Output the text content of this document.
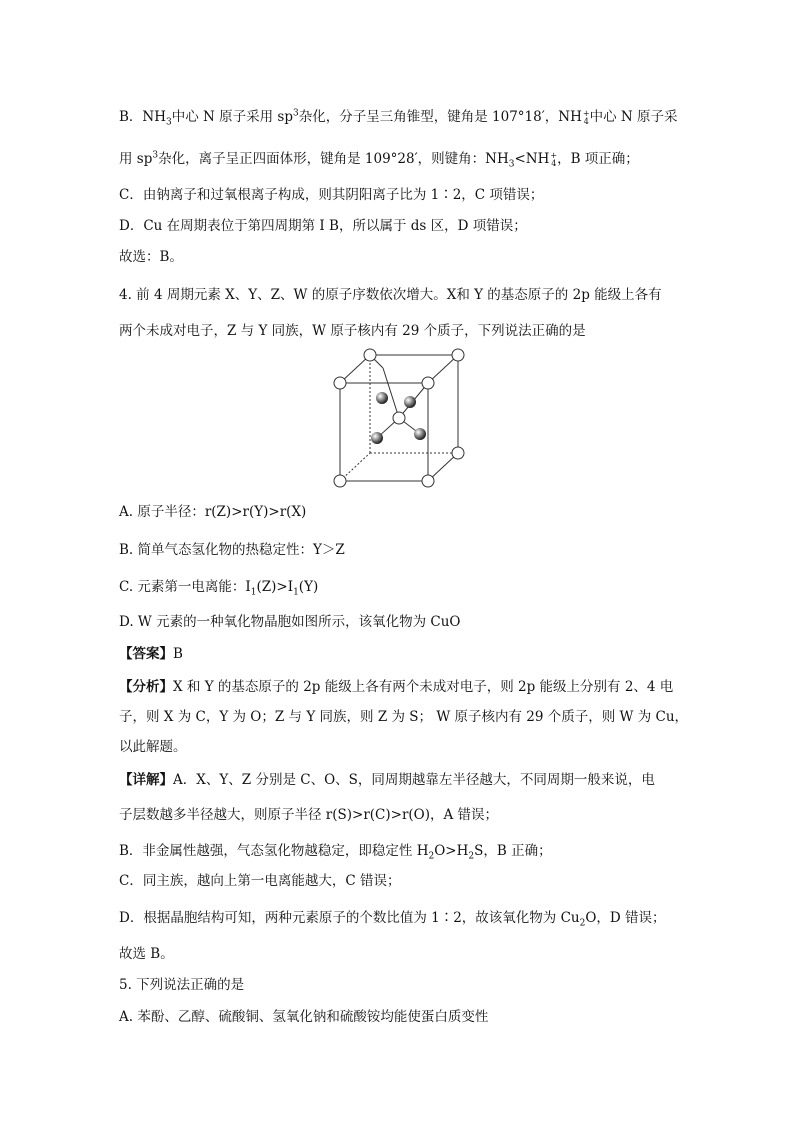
B．$NH_3$中心 N 原子采用 $sp^3$杂化，分子呈三角锥型，键角是 107°18′，NH +
4 中心 N 原子采
用 $sp^3$杂化，离子呈正四面体形，键角是 109°28′，则键角：$NH_3<NH$ +
4 ，B 项正确；
C．由钠离子和过氧根离子构成，则其阴阳离子比为 1∶2，C 项错误；
D．Cu 在周期表位于第四周期第 I B，所以属于 ds 区，D 项错误；
故选：B。
4. 前 4 周期元素 X、Y、Z、W 的原子序数依次增大。X和 Y 的基态原子的 2p 能级上各有
两个未成对电子，Z 与 Y 同族，W 原子核内有 29 个质子，下列说法正确的是
A. 原子半径：r(Z)>r(Y)>r(X)
B. 简单气态氢化物的热稳定性：Y＞Z
C. 元素第一电离能：$I_1(Z)>I_1(Y)$
D. W 元素的一种氧化物晶胞如图所示，该氧化物为 CuO
【答案】B
【分析】X 和 Y 的基态原子的 2p 能级上各有两个未成对电子，则 2p 能级上分别有 2、4 电
子，则 X 为 C，Y 为 O；Z 与 Y 同族，则 Z 为 S； W 原子核内有 29 个质子，则 W 为 Cu，
以此解题。
【详解】A．X、Y、Z 分别是 C、O、S，同周期越靠左半径越大，不同周期一般来说，电
子层数越多半径越大，则原子半径 r(S)>r(C)>r(O)，A 错误；
B．非金属性越强，气态氢化物越稳定，即稳定性 $H_2O>H_2S$，B 正确；
C．同主族，越向上第一电离能越大，C 错误；
D．根据晶胞结构可知，两种元素原子的个数比值为 1∶2，故该氧化物为 $Cu_2O$，D 错误；
故选 B。
5. 下列说法正确的是
A. 苯酚、乙醇、硫酸铜、氢氧化钠和硫酸铵均能使蛋白质变性
